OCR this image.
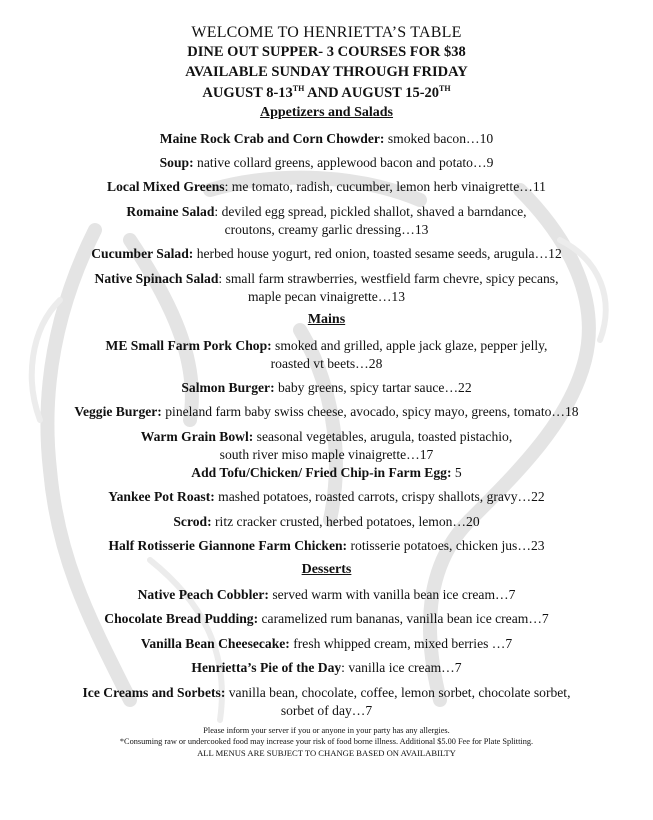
WELCOME TO HENRIETTA’S TABLE
DINE OUT SUPPER- 3 COURSES FOR $38
AVAILABLE SUNDAY THROUGH FRIDAY
AUGUST 8-13TH AND AUGUST 15-20TH
Appetizers and Salads
Maine Rock Crab and Corn Chowder: smoked bacon…10
Soup: native collard greens, applewood bacon and potato…9
Local Mixed Greens: me tomato, radish, cucumber, lemon herb vinaigrette…11
Romaine Salad: deviled egg spread, pickled shallot, shaved a barndance,
croutons, creamy garlic dressing…13
Cucumber Salad: herbed house yogurt, red onion, toasted sesame seeds, arugula…12
Native Spinach Salad: small farm strawberries, westfield farm chevre, spicy pecans,
maple pecan vinaigrette…13
Mains
ME Small Farm Pork Chop: smoked and grilled, apple jack glaze, pepper jelly,
roasted vt beets…28
Salmon Burger: baby greens, spicy tartar sauce…22
Veggie Burger: pineland farm baby swiss cheese, avocado, spicy mayo, greens, tomato…18
Warm Grain Bowl: seasonal vegetables, arugula, toasted pistachio,
south river miso maple vinaigrette…17
Add Tofu/Chicken/ Fried Chip-in Farm Egg: 5
Yankee Pot Roast: mashed potatoes, roasted carrots, crispy shallots, gravy…22
Scrod: ritz cracker crusted, herbed potatoes, lemon…20
Half Rotisserie Giannone Farm Chicken: rotisserie potatoes, chicken jus…23
Desserts
Native Peach Cobbler: served warm with vanilla bean ice cream…7
Chocolate Bread Pudding: caramelized rum bananas, vanilla bean ice cream…7
Vanilla Bean Cheesecake: fresh whipped cream, mixed berries …7
Henrietta’s Pie of the Day: vanilla ice cream…7
Ice Creams and Sorbets: vanilla bean, chocolate, coffee, lemon sorbet, chocolate sorbet,
sorbet of day…7
Please inform your server if you or anyone in your party has any allergies.
*Consuming raw or undercooked food may increase your risk of food borne illness. Additional $5.00 Fee for Plate Splitting.
ALL MENUS ARE SUBJECT TO CHANGE BASED ON AVAILABILTY
